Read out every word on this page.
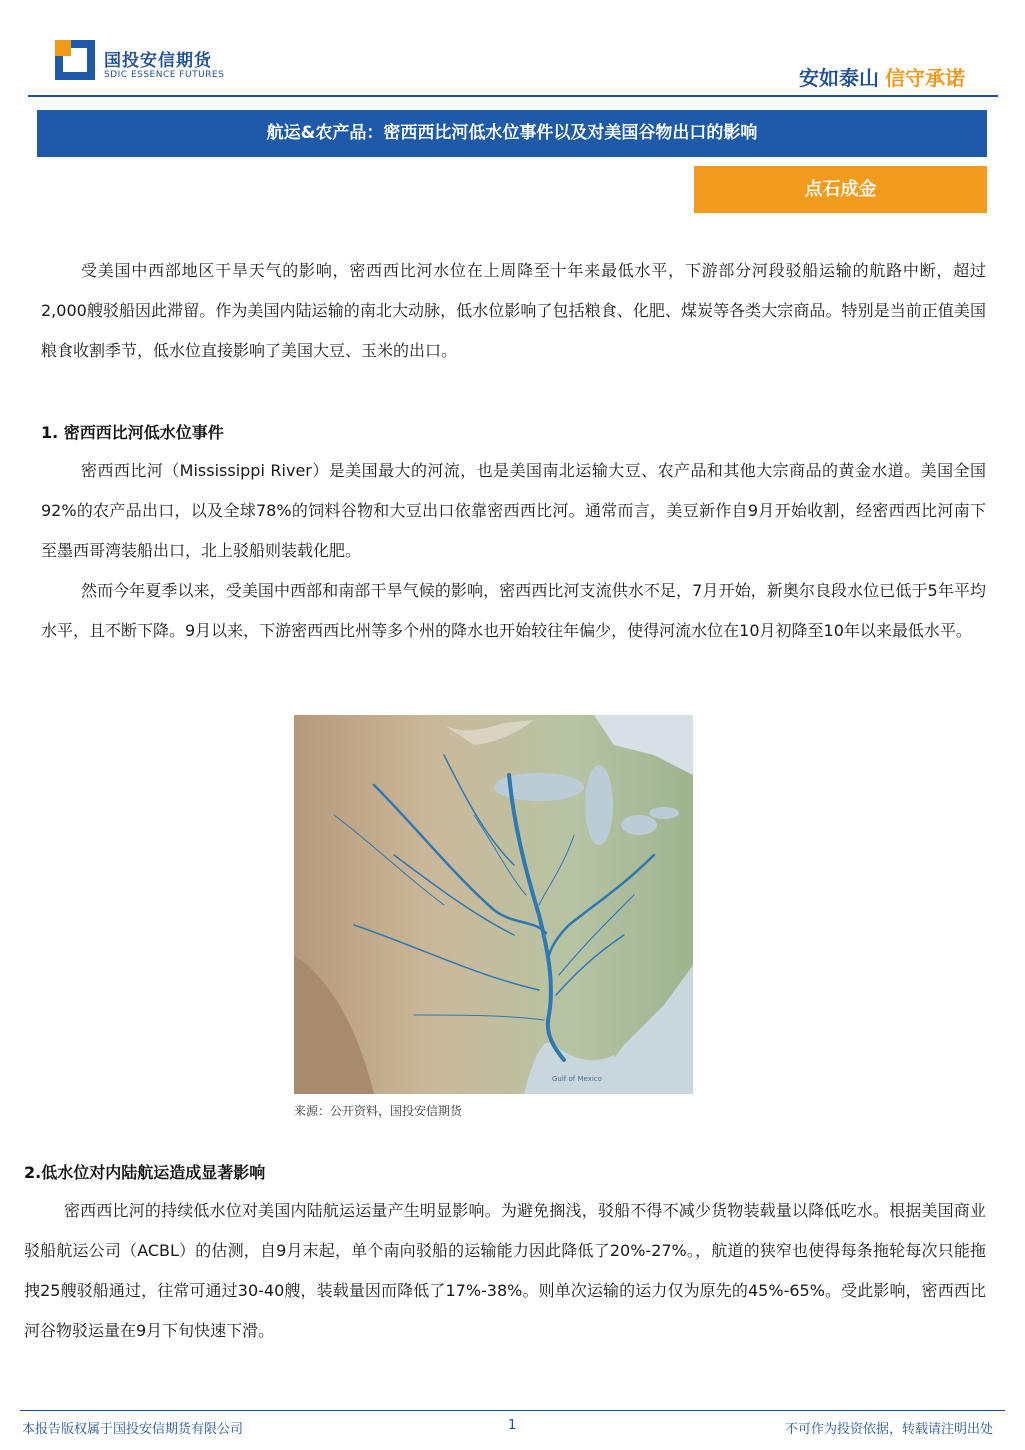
国投安信期货
SDIC ESSENCE FUTURES	安如泰山 信守承诺
航运&农产品：密西西比河低水位事件以及对美国谷物出口的影响
点石成金

受美国中西部地区干旱天气的影响，密西西比河水位在上周降至十年来最低水平，下游部分河段驳船运输的航路中断，超过2,000艘驳船因此滞留。作为美国内陆运输的南北大动脉，低水位影响了包括粮食、化肥、煤炭等各类大宗商品。特别是当前正值美国粮食收割季节，低水位直接影响了美国大豆、玉米的出口。

1. 密西西比河低水位事件

密西西比河（Mississippi River）是美国最大的河流，也是美国南北运输大豆、农产品和其他大宗商品的黄金水道。美国全国92%的农产品出口，以及全球78%的饲料谷物和大豆出口依靠密西西比河。通常而言，美豆新作自9月开始收割，经密西西比河南下至墨西哥湾装船出口，北上驳船则装载化肥。

然而今年夏季以来，受美国中西部和南部干旱气候的影响，密西西比河支流供水不足，7月开始，新奥尔良段水位已低于5年平均水平，且不断下降。9月以来，下游密西西比州等多个州的降水也开始较往年偏少，使得河流水位在10月初降至10年以来最低水平。

Gulf of Mexico
来源：公开资料，国投安信期货
2.低水位对内陆航运造成显著影响

密西西比河的持续低水位对美国内陆航运运量产生明显影响。为避免搁浅，驳船不得不减少货物装载量以降低吃水。根据美国商业驳船航运公司（ACBL）的估测，自9月末起，单个南向驳船的运输能力因此降低了20%-27%。，航道的狭窄也使得每条拖轮每次只能拖拽25艘驳船通过，往常可通过30-40艘，装载量因而降低了17%-38%。则单次运输的运力仅为原先的45%-65%。受此影响，密西西比河谷物驳运量在9月下旬快速下滑。

本报告版权属于国投安信期货有限公司	1	不可作为投资依据，转载请注明出处
